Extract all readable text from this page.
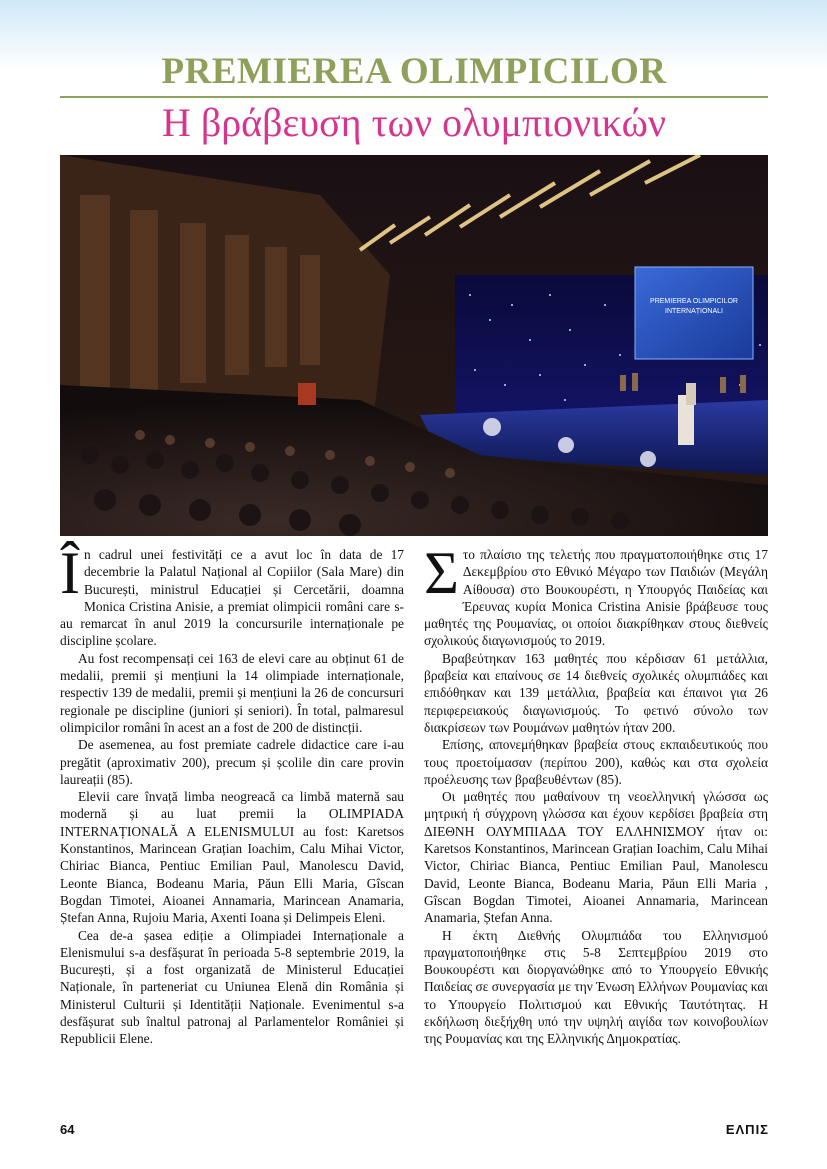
PREMIEREA OLIMPICILOR
Η βράβευση των ολυμπιονικών
PREMIEREA OLIMPICILOR
INTERNAȚIONALI
Î n cadrul unei festivități ce a avut loc în data de 17 decembrie la Palatul Național al Copiilor (Sala Mare) din București, ministrul Educației și Cercetării, doamna Monica Cristina Anisie, a premiat olimpicii români care s-au remarcat în anul 2019 la concursurile internaționale pe discipline școlare.

Au fost recompensați cei 163 de elevi care au obținut 61 de medalii, premii și mențiuni la 14 olimpiade internaționale, respectiv 139 de medalii, premii și mențiuni la 26 de concursuri regionale pe discipline (juniori și seniori). În total, palmaresul olimpicilor români în acest an a fost de 200 de distincții.

De asemenea, au fost premiate cadrele didactice care i-au pregătit (aproximativ 200), precum și școlile din care provin laureații (85).

Elevii care învață limba neogreacă ca limbă maternă sau modernă și au luat premii la OLIMPIADA INTERNAȚIONALĂ A ELENISMULUI au fost: Karetsos Konstantinos, Marincean Grațian Ioachim, Calu Mihai Victor, Chiriac Bianca, Pentiuc Emilian Paul, Manolescu David, Leonte Bianca, Bodeanu Maria, Păun Elli Maria, Gîscan Bogdan Timotei, Aioanei Annamaria, Marincean Anamaria, Ștefan Anna, Rujoiu Maria, Axenti Ioana și Delimpeis Eleni.

Cea de-a șasea ediție a Olimpiadei Internaționale a Elenismului s-a desfășurat în perioada 5-8 septembrie 2019, la București, și a fost organizată de Ministerul Educației Naționale, în parteneriat cu Uniunea Elenă din România și Ministerul Culturii și Identității Naționale. Evenimentul s-a desfășurat sub înaltul patronaj al Parlamentelor României și Republicii Elene.

Σ το πλαίσιο της τελετής που πραγματοποιήθηκε στις 17 Δεκεμβρίου στο Εθνικό Μέγαρο των Παιδιών (Μεγάλη Αίθουσα) στο Βουκουρέστι, η Υπουργός Παιδείας και Έρευνας κυρία Monica Cristina Anisie βράβευσε τους μαθητές της Ρουμανίας, οι οποίοι διακρίθηκαν στους διεθνείς σχολικούς διαγωνισμούς το 2019.

Βραβεύτηκαν 163 μαθητές που κέρδισαν 61 μετάλλια, βραβεία και επαίνους σε 14 διεθνείς σχολικές ολυμπιάδες και επιδόθηκαν και 139 μετάλλια, βραβεία και έπαινοι για 26 περιφερειακούς διαγωνισμούς. Το φετινό σύνολο των διακρίσεων των Ρουμάνων μαθητών ήταν 200.

Επίσης, απονεμήθηκαν βραβεία στους εκπαιδευτικούς που τους προετοίμασαν (περίπου 200), καθώς και στα σχολεία προέλευσης των βραβευθέντων (85).

Οι μαθητές που μαθαίνουν τη νεοελληνική γλώσσα ως μητρική ή σύγχρονη γλώσσα και έχουν κερδίσει βραβεία στη ΔΙΕΘΝΗ ΟΛΥΜΠΙΑΔΑ ΤΟΥ ΕΛΛΗΝΙΣΜΟΥ ήταν οι: Karetsos Konstantinos, Marincean Grațian Ioachim, Calu Mihai Victor, Chiriac Bianca, Pentiuc Emilian Paul, Manolescu David, Leonte Bianca, Bodeanu Maria, Păun Elli Maria , Gîscan Bogdan Timotei, Aioanei Annamaria, Marincean Anamaria, Ștefan Anna.

Η έκτη Διεθνής Ολυμπιάδα του Ελληνισμού πραγματοποιήθηκε στις 5-8 Σεπτεμβρίου 2019 στο Βουκουρέστι και διοργανώθηκε από το Υπουργείο Εθνικής Παιδείας σε συνεργασία με την Ένωση Ελλήνων Ρουμανίας και το Υπουργείο Πολιτισμού και Εθνικής Ταυτότητας. Η εκδήλωση διεξήχθη υπό την υψηλή αιγίδα των κοινοβουλίων της Ρουμανίας και της Ελληνικής Δημοκρατίας.

64	ΕΛΠΙΣ
